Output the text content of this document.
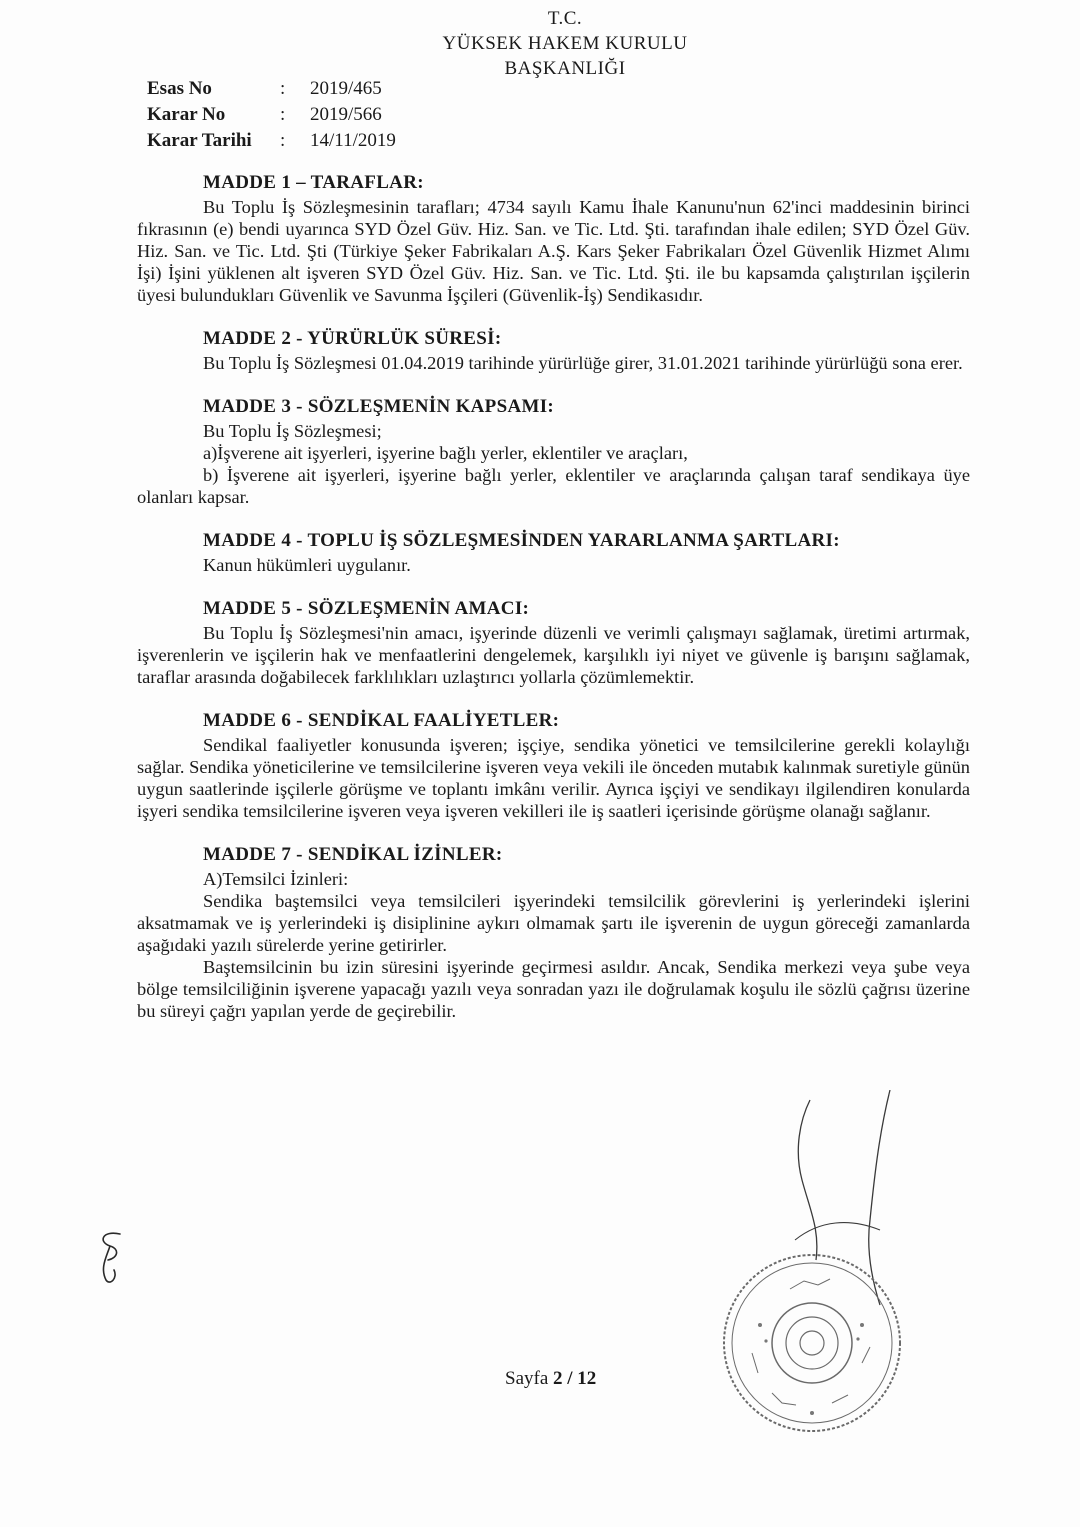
T.C.
YÜKSEK HAKEM KURULU
BAŞKANLIĞI
Esas No	:	2019/465
Karar No	:	2019/566
Karar Tarihi	:	14/11/2019
MADDE 1 – TARAFLAR:

Bu Toplu İş Sözleşmesinin tarafları; 4734 sayılı Kamu İhale Kanunu'nun 62'inci maddesinin birinci fıkrasının (e) bendi uyarınca SYD Özel Güv. Hiz. San. ve Tic. Ltd. Şti. tarafından ihale edilen; SYD Özel Güv. Hiz. San. ve Tic. Ltd. Şti (Türkiye Şeker Fabrikaları A.Ş. Kars Şeker Fabrikaları Özel Güvenlik Hizmet Alımı İşi) İşini yüklenen alt işveren SYD Özel Güv. Hiz. San. ve Tic. Ltd. Şti. ile bu kapsamda çalıştırılan işçilerin üyesi bulundukları Güvenlik ve Savunma İşçileri (Güvenlik-İş) Sendikasıdır.

MADDE 2 - YÜRÜRLÜK SÜRESİ:

Bu Toplu İş Sözleşmesi 01.04.2019 tarihinde yürürlüğe girer, 31.01.2021 tarihinde yürürlüğü sona erer.

MADDE 3 - SÖZLEŞMENİN KAPSAMI:
Bu Toplu İş Sözleşmesi;
a)İşverene ait işyerleri, işyerine bağlı yerler, eklentiler ve araçları,

b) İşverene ait işyerleri, işyerine bağlı yerler, eklentiler ve araçlarında çalışan taraf sendikaya üye olanları kapsar.

MADDE 4 - TOPLU İŞ SÖZLEŞMESİNDEN YARARLANMA ŞARTLARI:
Kanun hükümleri uygulanır.
MADDE 5 - SÖZLEŞMENİN AMACI:

Bu Toplu İş Sözleşmesi'nin amacı, işyerinde düzenli ve verimli çalışmayı sağlamak, üretimi artırmak, işverenlerin ve işçilerin hak ve menfaatlerini dengelemek, karşılıklı iyi niyet ve güvenle iş barışını sağlamak, taraflar arasında doğabilecek farklılıkları uzlaştırıcı yollarla çözümlemektir.

MADDE 6 - SENDİKAL FAALİYETLER:

Sendikal faaliyetler konusunda işveren; işçiye, sendika yönetici ve temsilcilerine gerekli kolaylığı sağlar. Sendika yöneticilerine ve temsilcilerine işveren veya vekili ile önceden mutabık kalınmak suretiyle günün uygun saatlerinde işçilerle görüşme ve toplantı imkânı verilir. Ayrıca işçiyi ve sendikayı ilgilendiren konularda işyeri sendika temsilcilerine işveren veya işveren vekilleri ile iş saatleri içerisinde görüşme olanağı sağlanır.

MADDE 7 - SENDİKAL İZİNLER:
A)Temsilci İzinleri:

Sendika baştemsilci veya temsilcileri işyerindeki temsilcilik görevlerini iş yerlerindeki işlerini aksatmamak ve iş yerlerindeki iş disiplinine aykırı olmamak şartı ile işverenin de uygun göreceği zamanlarda aşağıdaki yazılı sürelerde yerine getirirler.

Baştemsilcinin bu izin süresini işyerinde geçirmesi asıldır. Ancak, Sendika merkezi veya şube veya bölge temsilciliğinin işverene yapacağı yazılı veya sonradan yazı ile doğrulamak koşulu ile sözlü çağrısı üzerine bu süreyi çağrı yapılan yerde de geçirebilir.

Sayfa 2 / 12
